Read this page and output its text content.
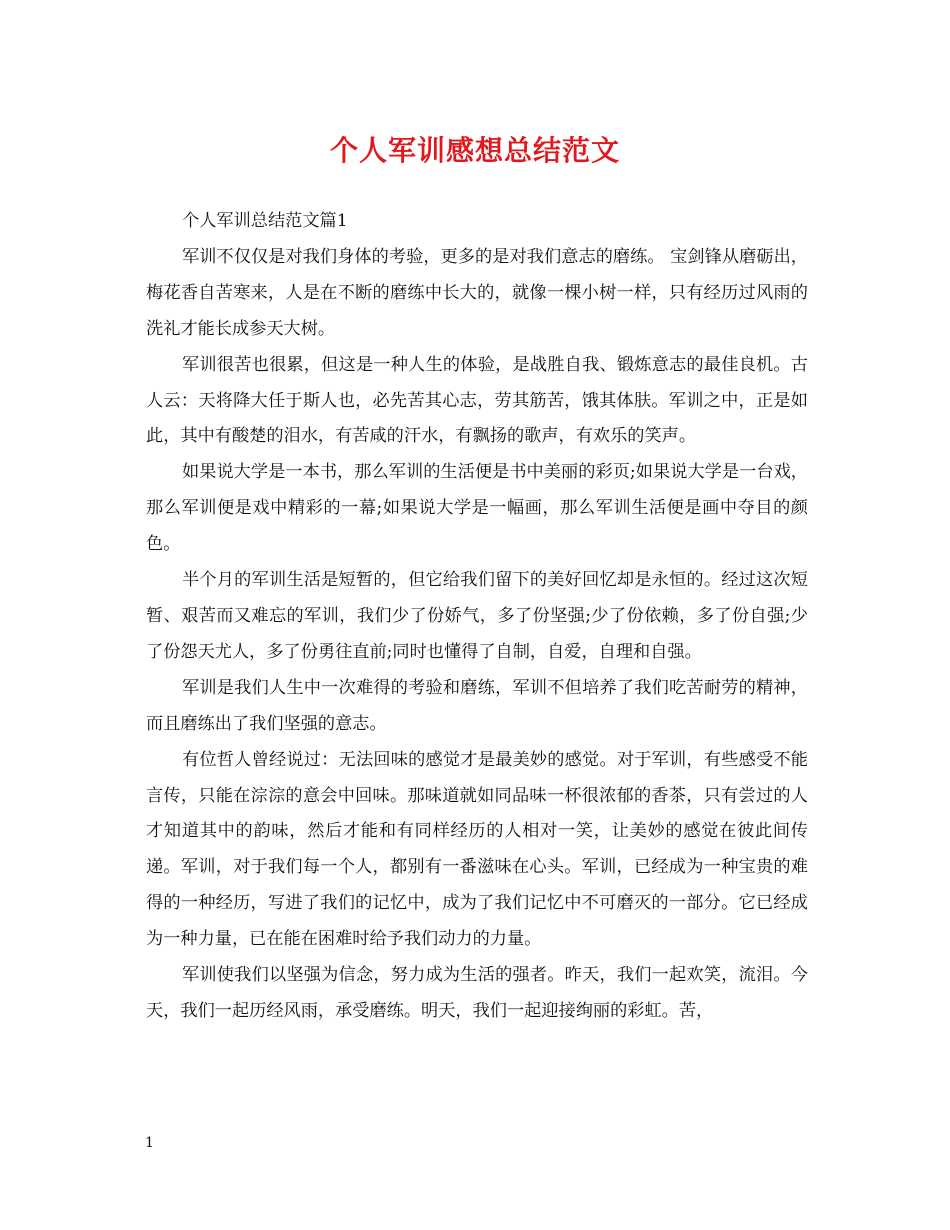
个人军训感想总结范文

个人军训总结范文篇1

军训不仅仅是对我们身体的考验，更多的是对我们意志的磨练。 宝剑锋从磨砺出，梅花香自苦寒来，人是在不断的磨练中长大的，就像一棵小树一样，只有经历过风雨的洗礼才能长成参天大树。

军训很苦也很累，但这是一种人生的体验，是战胜自我、锻炼意志的最佳良机。古人云：天将降大任于斯人也，必先苦其心志，劳其筋苦，饿其体肤。军训之中，正是如此，其中有酸楚的泪水，有苦咸的汗水，有飘扬的歌声，有欢乐的笑声。

如果说大学是一本书，那么军训的生活便是书中美丽的彩页;如果说大学是一台戏，那么军训便是戏中精彩的一幕;如果说大学是一幅画，那么军训生活便是画中夺目的颜色。

半个月的军训生活是短暂的，但它给我们留下的美好回忆却是永恒的。经过这次短暂、艰苦而又难忘的军训，我们少了份娇气，多了份坚强;少了份依赖，多了份自强;少了份怨天尤人，多了份勇往直前;同时也懂得了自制，自爱，自理和自强。

军训是我们人生中一次难得的考验和磨练，军训不但培养了我们吃苦耐劳的精神，而且磨练出了我们坚强的意志。

有位哲人曾经说过：无法回味的感觉才是最美妙的感觉。对于军训，有些感受不能言传，只能在淙淙的意会中回味。那味道就如同品味一杯很浓郁的香茶，只有尝过的人才知道其中的韵味，然后才能和有同样经历的人相对一笑，让美妙的感觉在彼此间传递。军训，对于我们每一个人，都别有一番滋味在心头。军训，已经成为一种宝贵的难得的一种经历，写进了我们的记忆中，成为了我们记忆中不可磨灭的一部分。它已经成为一种力量，已在能在困难时给予我们动力的力量。

军训使我们以坚强为信念，努力成为生活的强者。昨天，我们一起欢笑，流泪。今天，我们一起历经风雨，承受磨练。明天，我们一起迎接绚丽的彩虹。苦，

1
